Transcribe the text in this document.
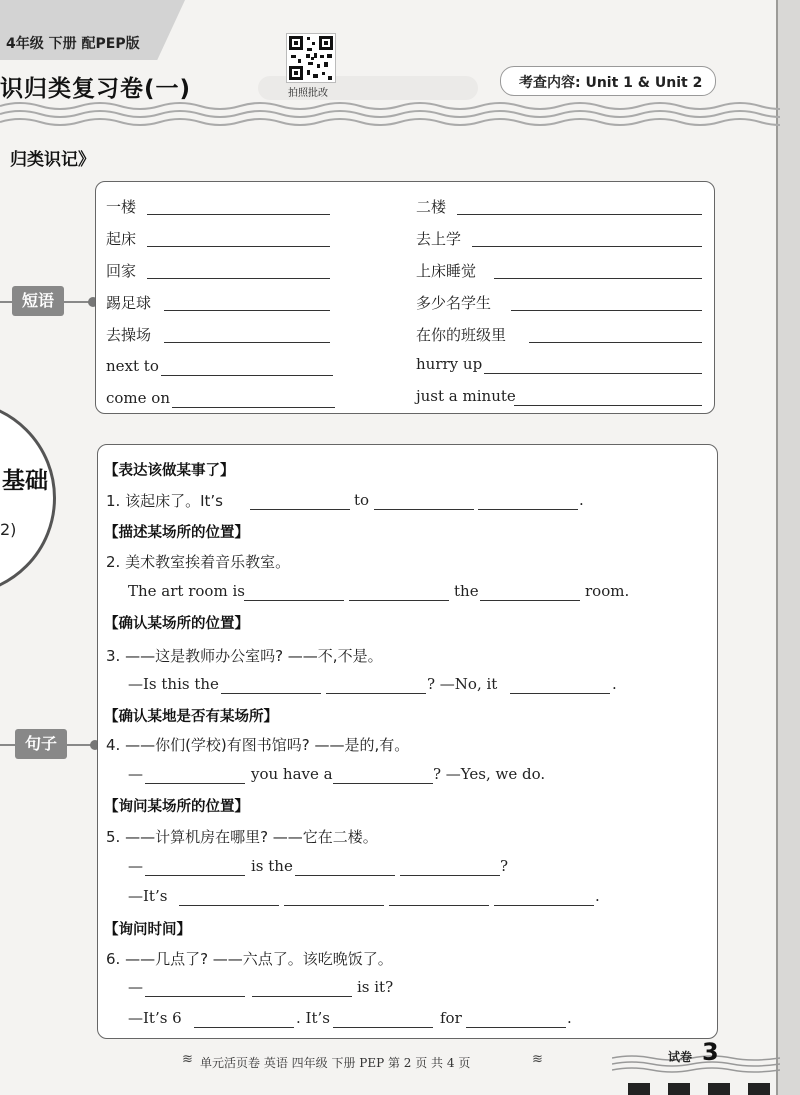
4年级 下册 配PEP版
识归类复习卷(一)	拍照批改
考查内容: Unit 1 & Unit 2
归类识记》
基础
2)
短语
句子
一楼	二楼
起床	去上学
回家	上床睡觉
踢足球	多少名学生
去操场	在你的班级里
next to	hurry up
come on	just a minute
【表达该做某事了】
1. 该起床了。It’s	to	.
【描述某场所的位置】
2. 美术教室挨着音乐教室。
The art room is	the	room.
【确认某场所的位置】
3. ——这是教师办公室吗? ——不,不是。
—Is this the	? —No, it	.
【确认某地是否有某场所】
4. ——你们(学校)有图书馆吗? ——是的,有。
—	you have a	? —Yes, we do.
【询问某场所的位置】
5. ——计算机房在哪里? ——它在二楼。
—	is the	?
—It’s	.
【询问时间】
6. ——几点了? ——六点了。该吃晚饭了。
—	is it?
—It’s 6	. It’s	for	.
≋ 单元活页卷 英语 四年级 下册 PEP 第 2 页 共 4 页	≋	试卷 3
